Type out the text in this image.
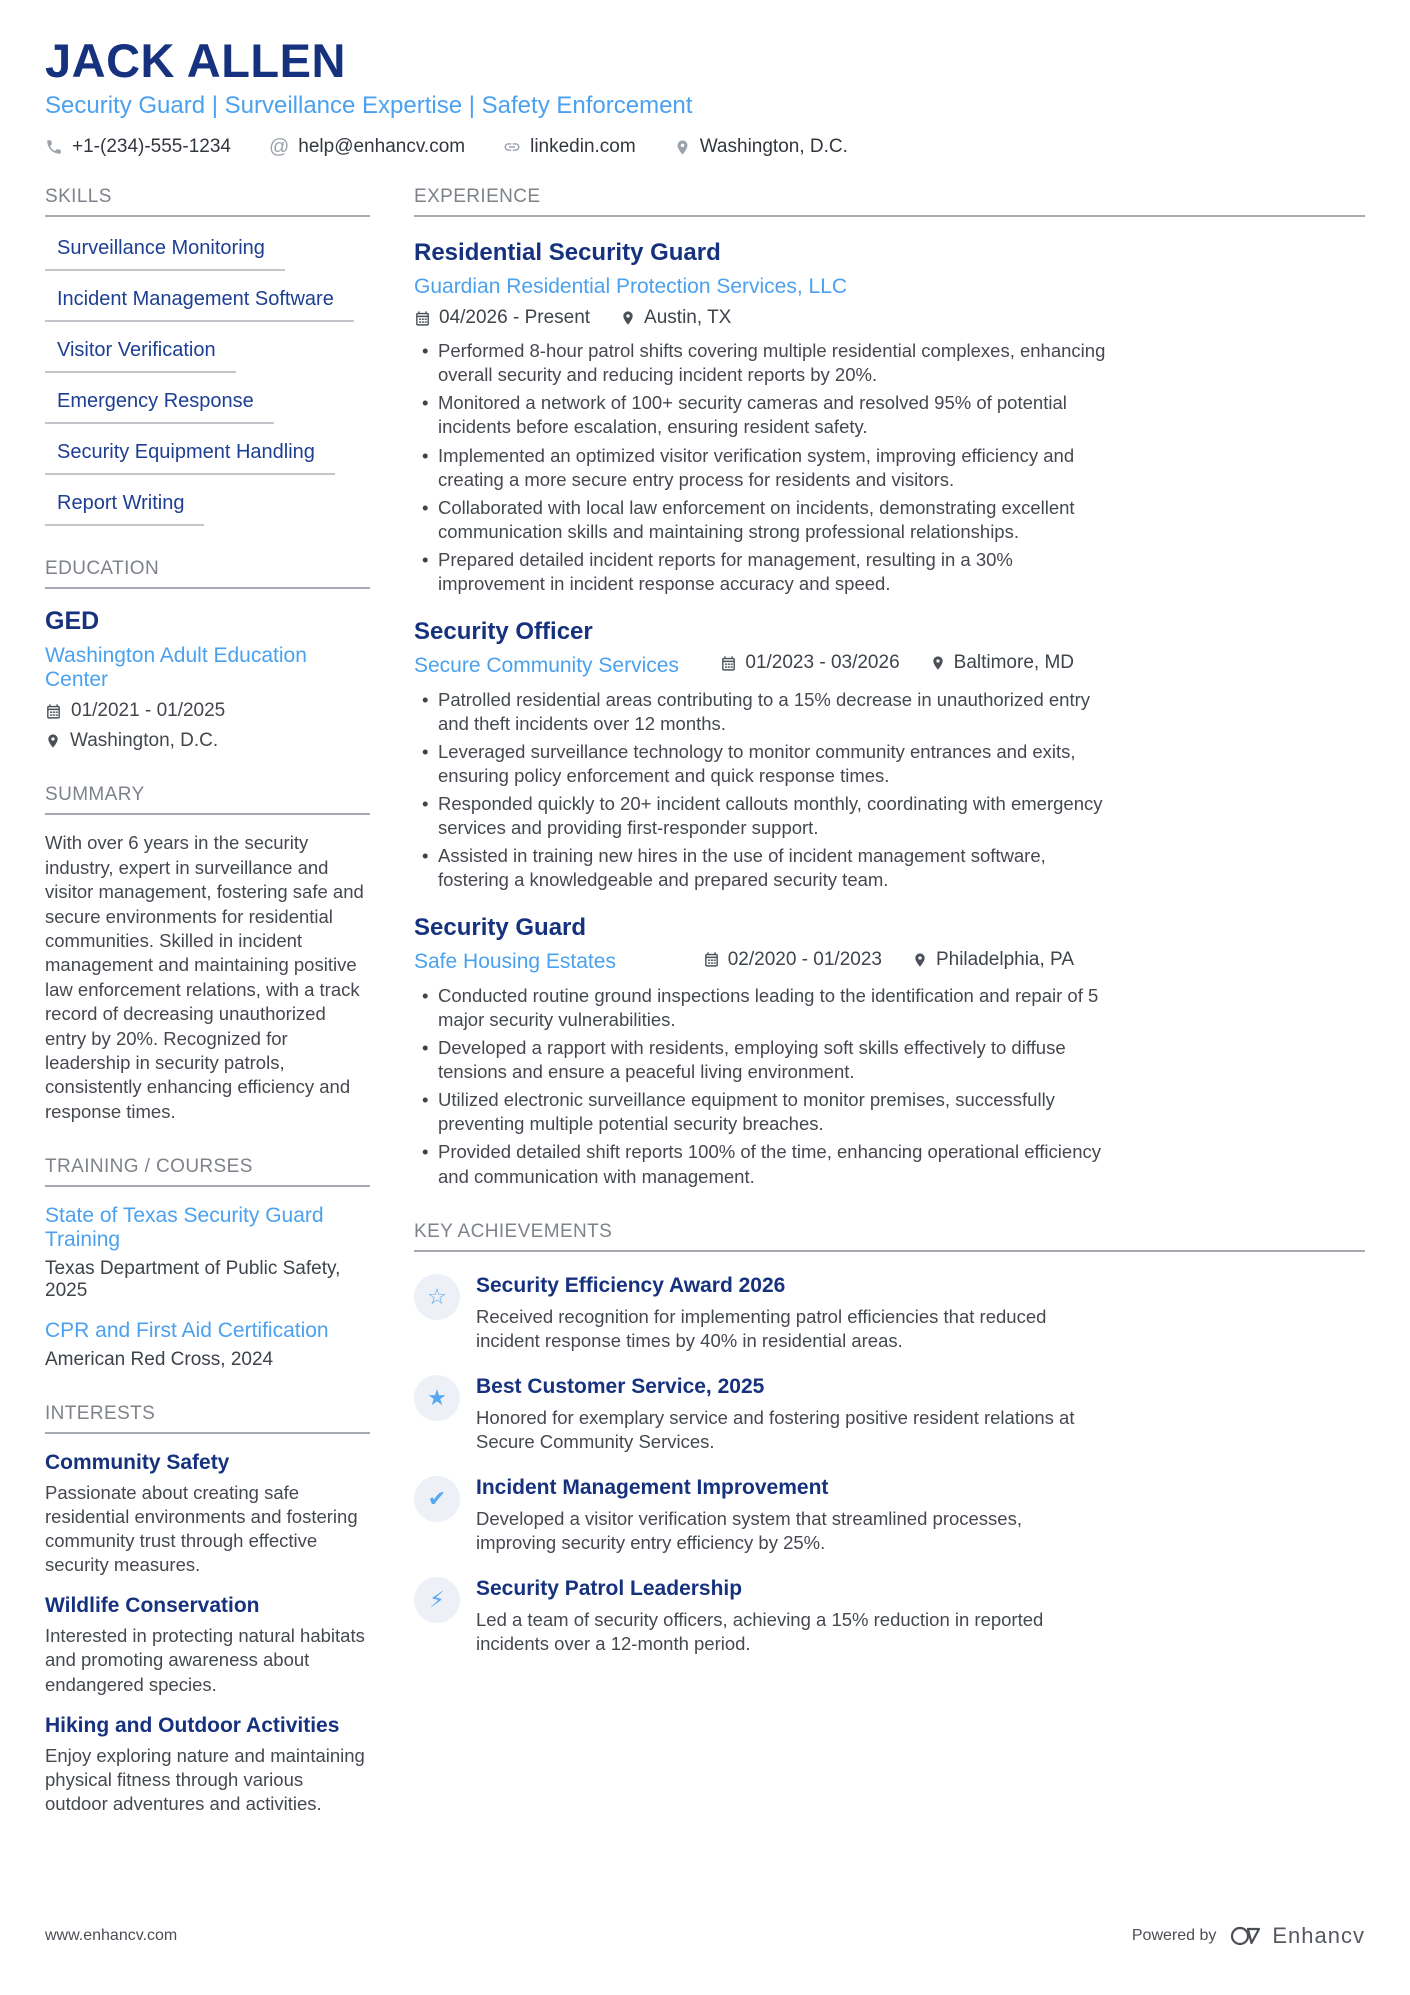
JACK ALLEN
Security Guard | Surveillance Expertise | Safety Enforcement
+1-(234)-555-1234 @ help@enhancv.com	linkedin.com	Washington, D.C.
SKILLS
Surveillance Monitoring
Incident Management Software
Visitor Verification
Emergency Response
Security Equipment Handling
Report Writing
EDUCATION
GED
Washington Adult Education Center
01/2021 - 01/2025
Washington, D.C.
SUMMARY

With over 6 years in the security industry, expert in surveillance and visitor management, fostering safe and secure environments for residential communities. Skilled in incident management and maintaining positive law enforcement relations, with a track record of decreasing unauthorized entry by 20%. Recognized for leadership in security patrols, consistently enhancing efficiency and response times.

TRAINING / COURSES
State of Texas Security Guard Training
Texas Department of Public Safety, 2025
CPR and First Aid Certification
American Red Cross, 2024
INTERESTS
Community Safety
Passionate about creating safe residential environments and fostering community trust through effective security measures.
Wildlife Conservation
Interested in protecting natural habitats and promoting awareness about endangered species.
Hiking and Outdoor Activities
Enjoy exploring nature and maintaining physical fitness through various outdoor adventures and activities.
EXPERIENCE
Residential Security Guard
Guardian Residential Protection Services, LLC
04/2026 - Present	Austin, TX
• Performed 8-hour patrol shifts covering multiple residential complexes, enhancing overall security and reducing incident reports by 20%.
• Monitored a network of 100+ security cameras and resolved 95% of potential incidents before escalation, ensuring resident safety.
• Implemented an optimized visitor verification system, improving efficiency and creating a more secure entry process for residents and visitors.
• Collaborated with local law enforcement on incidents, demonstrating excellent communication skills and maintaining strong professional relationships.
• Prepared detailed incident reports for management, resulting in a 30% improvement in incident response accuracy and speed.
Security Officer
Secure Community Services	01/2023 - 03/2026	Baltimore, MD
• Patrolled residential areas contributing to a 15% decrease in unauthorized entry and theft incidents over 12 months.
• Leveraged surveillance technology to monitor community entrances and exits, ensuring policy enforcement and quick response times.
• Responded quickly to 20+ incident callouts monthly, coordinating with emergency services and providing first-responder support.
• Assisted in training new hires in the use of incident management software, fostering a knowledgeable and prepared security team.
Security Guard
Safe Housing Estates	02/2020 - 01/2023	Philadelphia, PA
• Conducted routine ground inspections leading to the identification and repair of 5 major security vulnerabilities.
• Developed a rapport with residents, employing soft skills effectively to diffuse tensions and ensure a peaceful living environment.
• Utilized electronic surveillance equipment to monitor premises, successfully preventing multiple potential security breaches.
• Provided detailed shift reports 100% of the time, enhancing operational efficiency and communication with management.
KEY ACHIEVEMENTS
☆	Security Efficiency Award 2026
Received recognition for implementing patrol efficiencies that reduced incident response times by 40% in residential areas.
★	Best Customer Service, 2025
Honored for exemplary service and fostering positive resident relations at Secure Community Services.
✔	Incident Management Improvement
Developed a visitor verification system that streamlined processes, improving security entry efficiency by 25%.
⚡	Security Patrol Leadership
Led a team of security officers, achieving a 15% reduction in reported incidents over a 12-month period.
www.enhancv.com	Powered by	Enhancv
